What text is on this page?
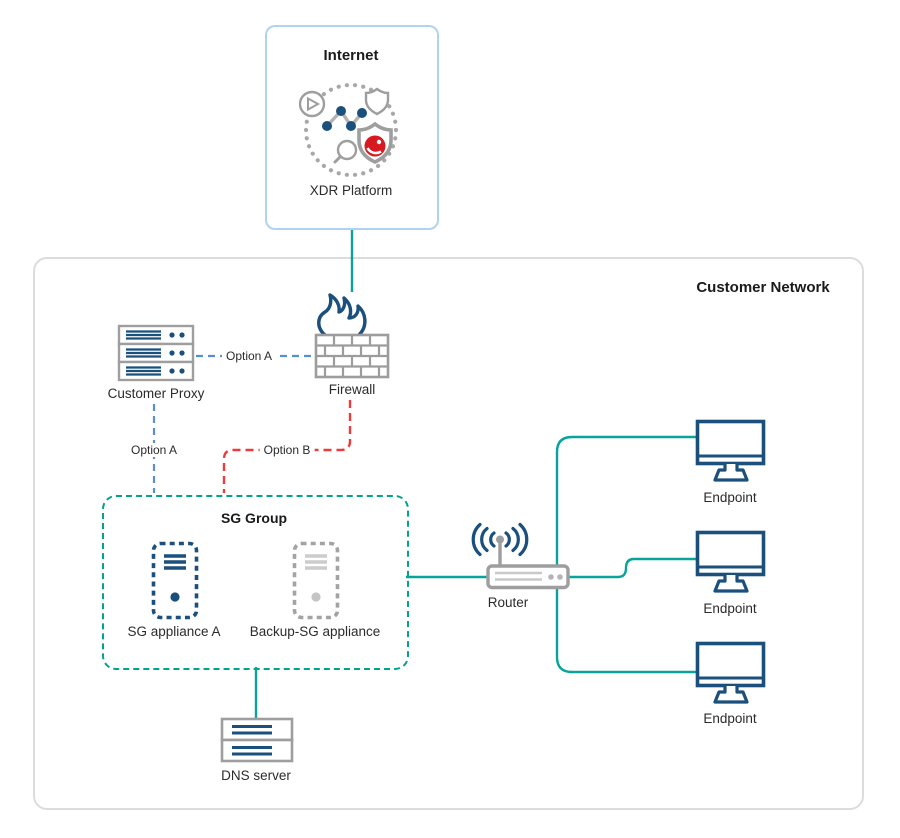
Internet
XDR Platform
Customer Network
Customer Proxy	Firewall
Option A
Option A	Option B
SG Group
SG appliance A Backup-SG appliance
Router
DNS server
Endpoint
Endpoint
Endpoint
